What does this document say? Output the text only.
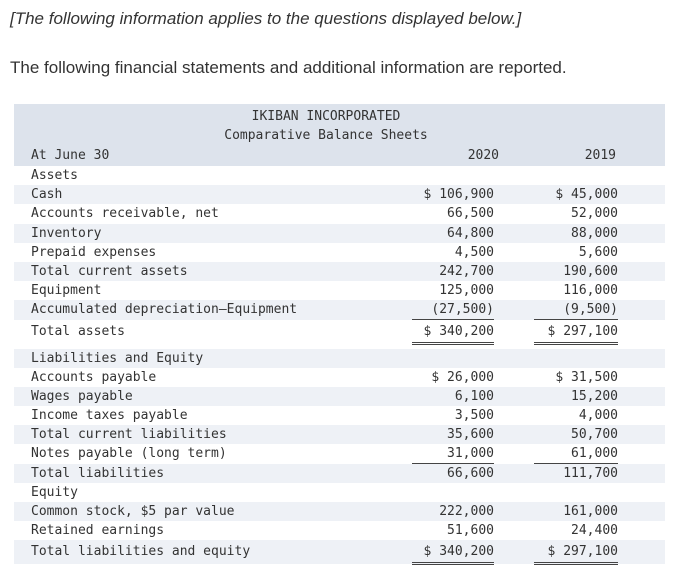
[The following information applies to the questions displayed below.]
The following financial statements and additional information are reported.
IKIBAN INCORPORATED
Comparative Balance Sheets
At June 30	2020	2019
Assets
Cash	$ 106,900	$ 45,000
Accounts receivable, net	66,500	52,000
Inventory	64,800	88,000
Prepaid expenses	4,500	5,600
Total current assets	242,700	190,600
Equipment	125,000	116,000
Accumulated depreciation—Equipment	(27,500)	(9,500)
Total assets	$ 340,200	$ 297,100
Liabilities and Equity
Accounts payable	$ 26,000	$ 31,500
Wages payable	6,100	15,200
Income taxes payable	3,500	4,000
Total current liabilities	35,600	50,700
Notes payable (long term)	31,000	61,000
Total liabilities	66,600	111,700
Equity
Common stock, $5 par value	222,000	161,000
Retained earnings	51,600	24,400
Total liabilities and equity	$ 340,200	$ 297,100
